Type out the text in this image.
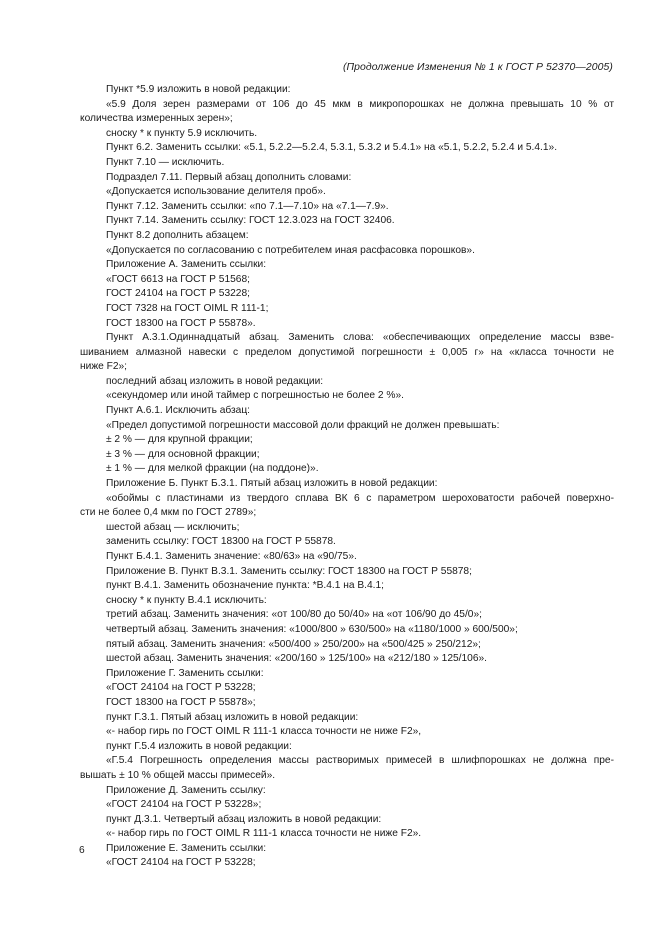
(Продолжение Изменения № 1 к ГОСТ Р 52370—2005)
Пункт *5.9 изложить в новой редакции:
«5.9 Доля зерен размерами от 106 до 45 мкм в микропорошках не должна превышать 10 % от
количества измеренных зерен»;
сноску * к пункту 5.9 исключить.
Пункт 6.2. Заменить ссылки: «5.1, 5.2.2—5.2.4, 5.3.1, 5.3.2 и 5.4.1» на «5.1, 5.2.2, 5.2.4 и 5.4.1».
Пункт 7.10 — исключить.
Подраздел 7.11. Первый абзац дополнить словами:
«Допускается использование делителя проб».
Пункт 7.12. Заменить ссылки: «по 7.1—7.10» на «7.1—7.9».
Пункт 7.14. Заменить ссылку: ГОСТ 12.3.023 на ГОСТ 32406.
Пункт 8.2 дополнить абзацем:
«Допускается по согласованию с потребителем иная расфасовка порошков».
Приложение А. Заменить ссылки:
«ГОСТ 6613 на ГОСТ Р 51568;
ГОСТ 24104 на ГОСТ Р 53228;
ГОСТ 7328 на ГОСТ OIML R 111-1;
ГОСТ 18300 на ГОСТ Р 55878».
Пункт А.3.1.Одиннадцатый абзац. Заменить слова: «обеспечивающих определение массы взве-
шиванием алмазной навески с пределом допустимой погрешности ± 0,005 г» на «класса точности не
ниже F2»;
последний абзац изложить в новой редакции:
«секундомер или иной таймер с погрешностью не более 2 %».
Пункт А.6.1. Исключить абзац:
«Предел допустимой погрешности массовой доли фракций не должен превышать:
± 2 % — для крупной фракции;
± 3 % — для основной фракции;
± 1 % — для мелкой фракции (на поддоне)».
Приложение Б. Пункт Б.3.1. Пятый абзац изложить в новой редакции:
«обоймы с пластинами из твердого сплава ВК 6 с параметром шероховатости рабочей поверхно-
сти не более 0,4 мкм по ГОСТ 2789»;
шестой абзац — исключить;
заменить ссылку: ГОСТ 18300 на ГОСТ Р 55878.
Пункт Б.4.1. Заменить значение: «80/63» на «90/75».
Приложение В. Пункт В.3.1. Заменить ссылку: ГОСТ 18300 на ГОСТ Р 55878;
пункт В.4.1. Заменить обозначение пункта: *В.4.1 на В.4.1;
сноску * к пункту В.4.1 исключить:
третий абзац. Заменить значения: «от 100/80 до 50/40» на «от 106/90 до 45/0»;
четвертый абзац. Заменить значения: «1000/800 » 630/500» на «1180/1000 » 600/500»;
пятый абзац. Заменить значения: «500/400 » 250/200» на «500/425 » 250/212»;
шестой абзац. Заменить значения: «200/160 » 125/100» на «212/180 » 125/106».
Приложение Г. Заменить ссылки:
«ГОСТ 24104 на ГОСТ Р 53228;
ГОСТ 18300 на ГОСТ Р 55878»;
пункт Г.3.1. Пятый абзац изложить в новой редакции:
«- набор гирь по ГОСТ OIML R 111-1 класса точности не ниже F2»,
пункт Г.5.4 изложить в новой редакции:
«Г.5.4 Погрешность определения массы растворимых примесей в шлифпорошках не должна пре-
вышать ± 10 % общей массы примесей».
Приложение Д. Заменить ссылку:
«ГОСТ 24104 на ГОСТ Р 53228»;
пункт Д.3.1. Четвертый абзац изложить в новой редакции:
«- набор гирь по ГОСТ OIML R 111-1 класса точности не ниже F2».
Приложение Е. Заменить ссылки:
«ГОСТ 24104 на ГОСТ Р 53228;
6
